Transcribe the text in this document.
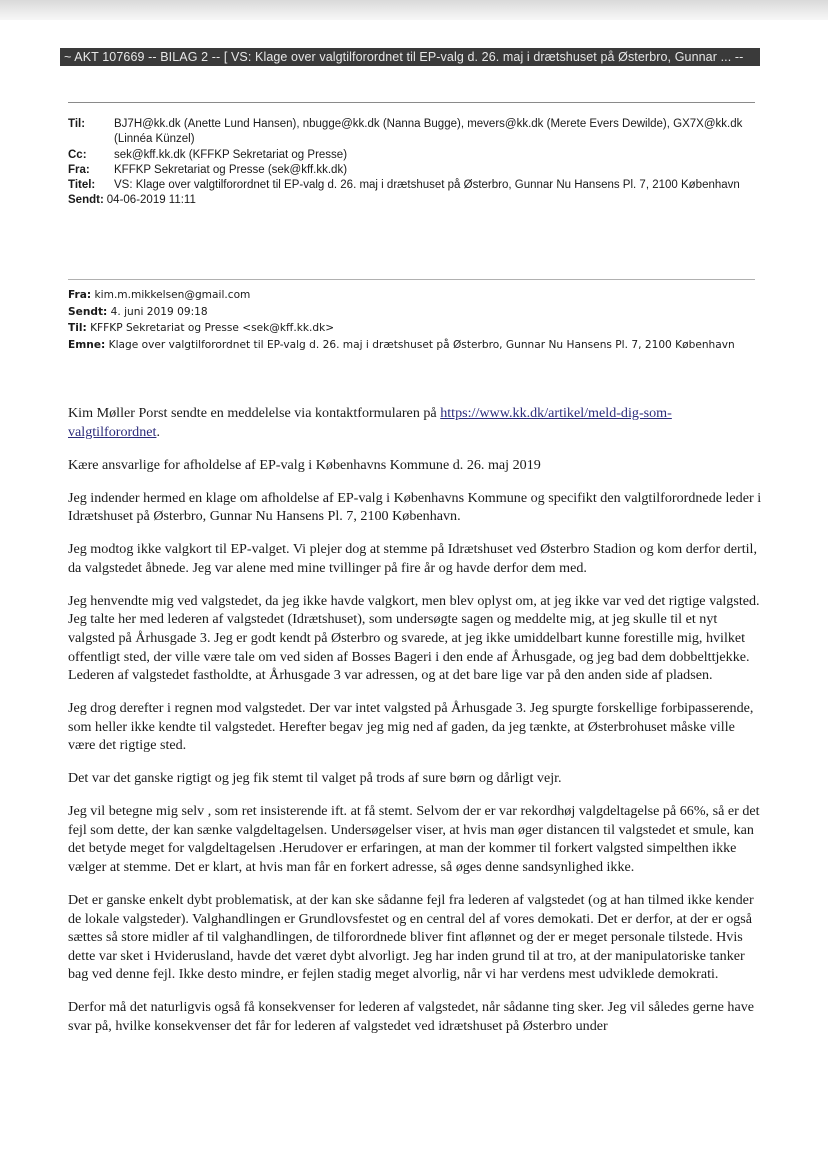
~ AKT 107669 -- BILAG 2 -- [ VS: Klage over valgtilforordnet til EP-valg d. 26. maj i drætshuset på Østerbro, Gunnar ... --
Til:	BJ7H@kk.dk (Anette Lund Hansen), nbugge@kk.dk (Nanna Bugge), mevers@kk.dk (Merete Evers Dewilde), GX7X@kk.dk (Linnéa Künzel)
Cc:	sek@kff.kk.dk (KFFKP Sekretariat og Presse)
Fra:	KFFKP Sekretariat og Presse (sek@kff.kk.dk)
Titel:	VS: Klage over valgtilforordnet til EP-valg d. 26. maj i drætshuset på Østerbro, Gunnar Nu Hansens Pl. 7, 2100 København
Sendt: 04-06-2019 11:11
Fra: kim.m.mikkelsen@gmail.com
Sendt: 4. juni 2019 09:18
Til: KFFKP Sekretariat og Presse <sek@kff.kk.dk>
Emne: Klage over valgtilforordnet til EP-valg d. 26. maj i drætshuset på Østerbro, Gunnar Nu Hansens Pl. 7, 2100 København

Kim Møller Porst sendte en meddelelse via kontaktformularen på https://www.kk.dk/artikel/meld-dig-som-valgtilforordnet.

Kære ansvarlige for afholdelse af EP-valg i Københavns Kommune d. 26. maj 2019

Jeg indender hermed en klage om afholdelse af EP-valg i Københavns Kommune og specifikt den valgtilforordnede leder i Idrætshuset på Østerbro, Gunnar Nu Hansens Pl. 7, 2100 København.

Jeg modtog ikke valgkort til EP-valget. Vi plejer dog at stemme på Idrætshuset ved Østerbro Stadion og kom derfor dertil, da valgstedet åbnede. Jeg var alene med mine tvillinger på fire år og havde derfor dem med.

Jeg henvendte mig ved valgstedet, da jeg ikke havde valgkort, men blev oplyst om, at jeg ikke var ved det rigtige valgsted. Jeg talte her med lederen af valgstedet (Idrætshuset), som undersøgte sagen og meddelte mig, at jeg skulle til et nyt valgsted på Århusgade 3. Jeg er godt kendt på Østerbro og svarede, at jeg ikke umiddelbart kunne forestille mig, hvilket offentligt sted, der ville være tale om ved siden af Bosses Bageri i den ende af Århusgade, og jeg bad dem dobbelttjekke. Lederen af valgstedet fastholdte, at Århusgade 3 var adressen, og at det bare lige var på den anden side af pladsen.

Jeg drog derefter i regnen mod valgstedet. Der var intet valgsted på Århusgade 3. Jeg spurgte forskellige forbipasserende, som heller ikke kendte til valgstedet. Herefter begav jeg mig ned af gaden, da jeg tænkte, at Østerbrohuset måske ville være det rigtige sted.

Det var det ganske rigtigt og jeg fik stemt til valget på trods af sure børn og dårligt vejr.

Jeg vil betegne mig selv , som ret insisterende ift. at få stemt. Selvom der er var rekordhøj valgdeltagelse på 66%, så er det fejl som dette, der kan sænke valgdeltagelsen. Undersøgelser viser, at hvis man øger distancen til valgstedet et smule, kan det betyde meget for valgdeltagelsen .Herudover er erfaringen, at man der kommer til forkert valgsted simpelthen ikke vælger at stemme. Det er klart, at hvis man får en forkert adresse, så øges denne sandsynlighed ikke.

Det er ganske enkelt dybt problematisk, at der kan ske sådanne fejl fra lederen af valgstedet (og at han tilmed ikke kender de lokale valgsteder). Valghandlingen er Grundlovsfestet og en central del af vores demokati. Det er derfor, at der er også sættes så store midler af til valghandlingen, de tilforordnede bliver fint aflønnet og der er meget personale tilstede. Hvis dette var sket i Hviderusland, havde det været dybt alvorligt. Jeg har inden grund til at tro, at der manipulatoriske tanker bag ved denne fejl. Ikke desto mindre, er fejlen stadig meget alvorlig, når vi har verdens mest udviklede demokrati.

Derfor må det naturligvis også få konsekvenser for lederen af valgstedet, når sådanne ting sker. Jeg vil således gerne have svar på, hvilke konsekvenser det får for lederen af valgstedet ved idrætshuset på Østerbro under
